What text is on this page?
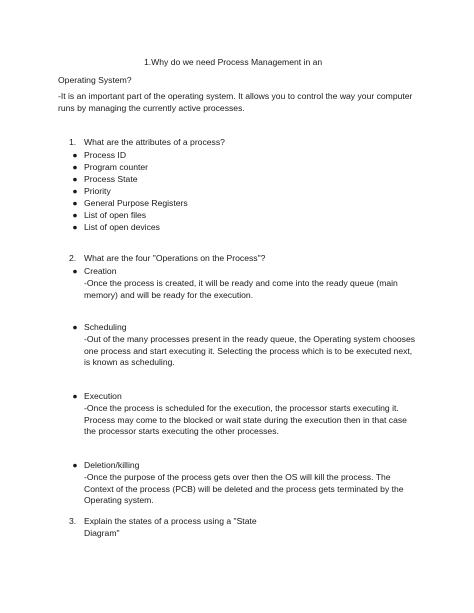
1.Why do we need Process Management in an
Operating System?
-It is an important part of the operating system. It allows you to control the way your computer runs by managing the currently active processes.
1. What are the attributes of a process?
● Process ID
● Program counter
● Process State
● Priority
● General Purpose Registers
● List of open files
● List of open devices
2. What are the four "Operations on the Process"?
● Creation
-Once the process is created, it will be ready and come into the ready queue (main memory) and will be ready for the execution.
● Scheduling
-Out of the many processes present in the ready queue, the Operating system chooses one process and start executing it. Selecting the process which is to be executed next, is known as scheduling.
● Execution
-Once the process is scheduled for the execution, the processor starts executing it. Process may come to the blocked or wait state during the execution then in that case the processor starts executing the other processes.
● Deletion/killing
-Once the purpose of the process gets over then the OS will kill the process. The Context of the process (PCB) will be deleted and the process gets terminated by the Operating system.
3. Explain the states of a process using a "State Diagram"
